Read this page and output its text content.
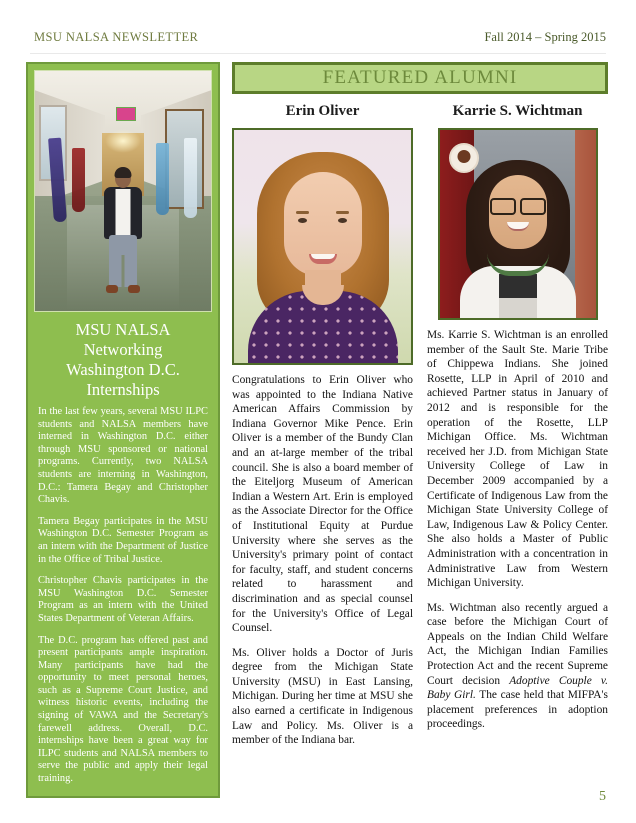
MSU NALSA NEWSLETTER	Fall 2014 – Spring 2015
MSU NALSA
Networking
Washington D.C.
Internships

In the last few years, several MSU ILPC students and NALSA members have interned in Washington D.C. either through MSU sponsored or national programs. Currently, two NALSA students are interning in Washington, D.C.: Tamera Begay and Christopher Chavis.

Tamera Begay participates in the MSU Washington D.C. Semester Program as an intern with the Department of Justice in the Office of Tribal Justice.

Christopher Chavis participates in the MSU Washington D.C. Semester Program as an intern with the United States Department of Veteran Affairs.

The D.C. program has offered past and present participants ample inspiration. Many participants have had the opportunity to meet personal heroes, such as a Supreme Court Justice, and witness historic events, including the signing of VAWA and the Secretary's farewell address. Overall, D.C. internships have been a great way for ILPC students and NALSA members to serve the public and apply their legal training.

FEATURED ALUMNI
Erin Oliver

Congratulations to Erin Oliver who was appointed to the Indiana Native American Affairs Commission by Indiana Governor Mike Pence. Erin Oliver is a member of the Bundy Clan and an at-large member of the tribal council. She is also a board member of the Eiteljorg Museum of American Indian a Western Art. Erin is employed as the Associate Director for the Office of Institutional Equity at Purdue University where she serves as the University's primary point of contact for faculty, staff, and student concerns related to harassment and discrimination and as special counsel for the University's Office of Legal Counsel.

Ms. Oliver holds a Doctor of Juris degree from the Michigan State University (MSU) in East Lansing, Michigan. During her time at MSU she also earned a certificate in Indigenous Law and Policy. Ms. Oliver is a member of the Indiana bar.

Karrie S. Wichtman

Ms. Karrie S. Wichtman is an enrolled member of the Sault Ste. Marie Tribe of Chippewa Indians. She joined Rosette, LLP in April of 2010 and achieved Partner status in January of 2012 and is responsible for the operation of the Rosette, LLP Michigan Office. Ms. Wichtman received her J.D. from Michigan State University College of Law in December 2009 accompanied by a Certificate of Indigenous Law from the Michigan State University College of Law, Indigenous Law & Policy Center. She also holds a Master of Public Administration with a concentration in Administrative Law from Western Michigan University.

Ms. Wichtman also recently argued a case before the Michigan Court of Appeals on the Indian Child Welfare Act, the Michigan Indian Families Protection Act and the recent Supreme Court decision Adoptive Couple v. Baby Girl. The case held that MIFPA's placement preferences in adoption proceedings.

5
